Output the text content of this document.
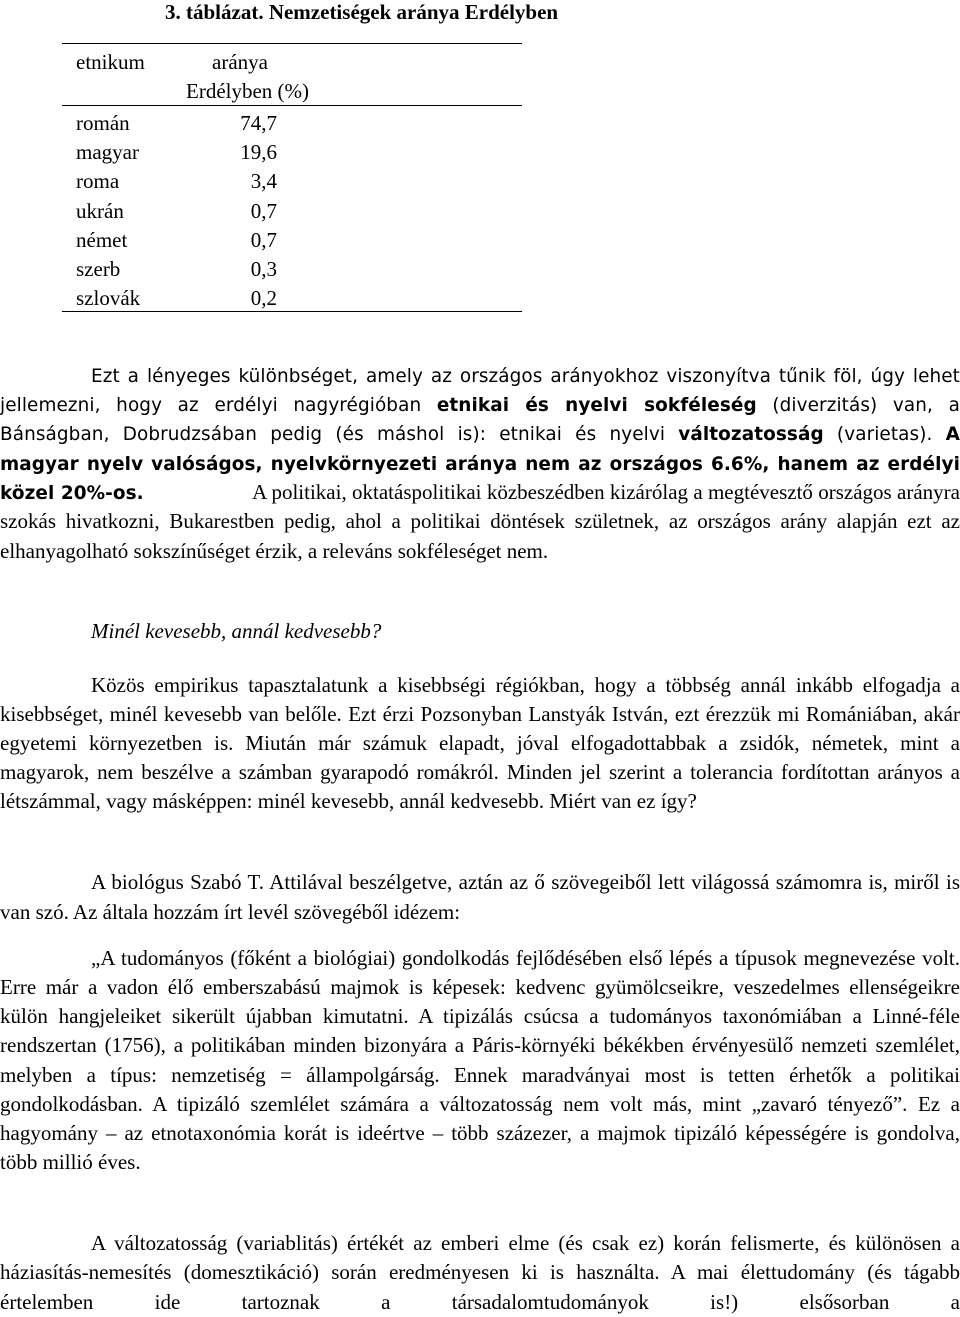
3. táblázat. Nemzetiségek aránya Erdélyben
etnikum	aránya
Erdélyben (%)
román	74,7
magyar	19,6
roma	3,4
ukrán	0,7
német	0,7
szerb	0,3
szlovák	0,2

Ezt a lényeges különbséget, amely az országos arányokhoz viszonyítva tűnik föl, úgy lehet jellemezni, hogy az erdélyi nagyrégióban etnikai és nyelvi sokféleség (diverzitás) van, a Bánságban, Dobrudzsában pedig (és máshol is): etnikai és nyelvi változatosság (varietas). A magyar nyelv valóságos, nyelvkörnyezeti aránya nem az országos 6.6%, hanem az erdélyi közel 20%-os.	A politikai, oktatáspolitikai közbeszédben kizárólag a megtévesztő országos arányra szokás hivatkozni, Bukarestben pedig, ahol a politikai döntések születnek, az országos arány alapján ezt az elhanyagolható sokszínűséget érzik, a releváns sokféleséget nem.

Minél kevesebb, annál kedvesebb?

Közös empirikus tapasztalatunk a kisebbségi régiókban, hogy a többség annál inkább elfogadja a kisebbséget, minél kevesebb van belőle. Ezt érzi Pozsonyban Lanstyák István, ezt érezzük mi Romániában, akár egyetemi környezetben is. Miután már számuk elapadt, jóval elfogadottabbak a zsidók, németek, mint a magyarok, nem beszélve a számban gyarapodó romákról. Minden jel szerint a tolerancia fordítottan arányos a létszámmal, vagy másképpen: minél kevesebb, annál kedvesebb. Miért van ez így?

A biológus Szabó T. Attilával beszélgetve, aztán az ő szövegeiből lett világossá számomra is, miről is van szó. Az általa hozzám írt levél szövegéből idézem:

„A tudományos (főként a biológiai) gondolkodás fejlődésében első lépés a típusok megnevezése volt. Erre már a vadon élő emberszabású majmok is képesek: kedvenc gyümölcseikre, veszedelmes ellenségeikre külön hangjeleiket sikerült újabban kimutatni. A tipizálás csúcsa a tudományos taxonómiában a Linné-féle rendszertan (1756), a politikában minden bizonyára a Páris-környéki békékben érvényesülő nemzeti szemlélet, melyben a típus: nemzetiség = állampolgárság. Ennek maradványai most is tetten érhetők a politikai gondolkodásban. A tipizáló szemlélet számára a változatosság nem volt más, mint „zavaró tényező”. Ez a hagyomány – az etnotaxonómia korát is ideértve – több százezer, a majmok tipizáló képességére is gondolva, több millió éves.

A változatosság (variablitás) értékét az emberi elme (és csak ez) korán felismerte, és különösen a háziasítás-nemesítés (domesztikáció) során eredményesen ki is használta. A mai élettudomány (és tágabb értelemben ide tartoznak a társadalomtudományok is!) elsősorban a
